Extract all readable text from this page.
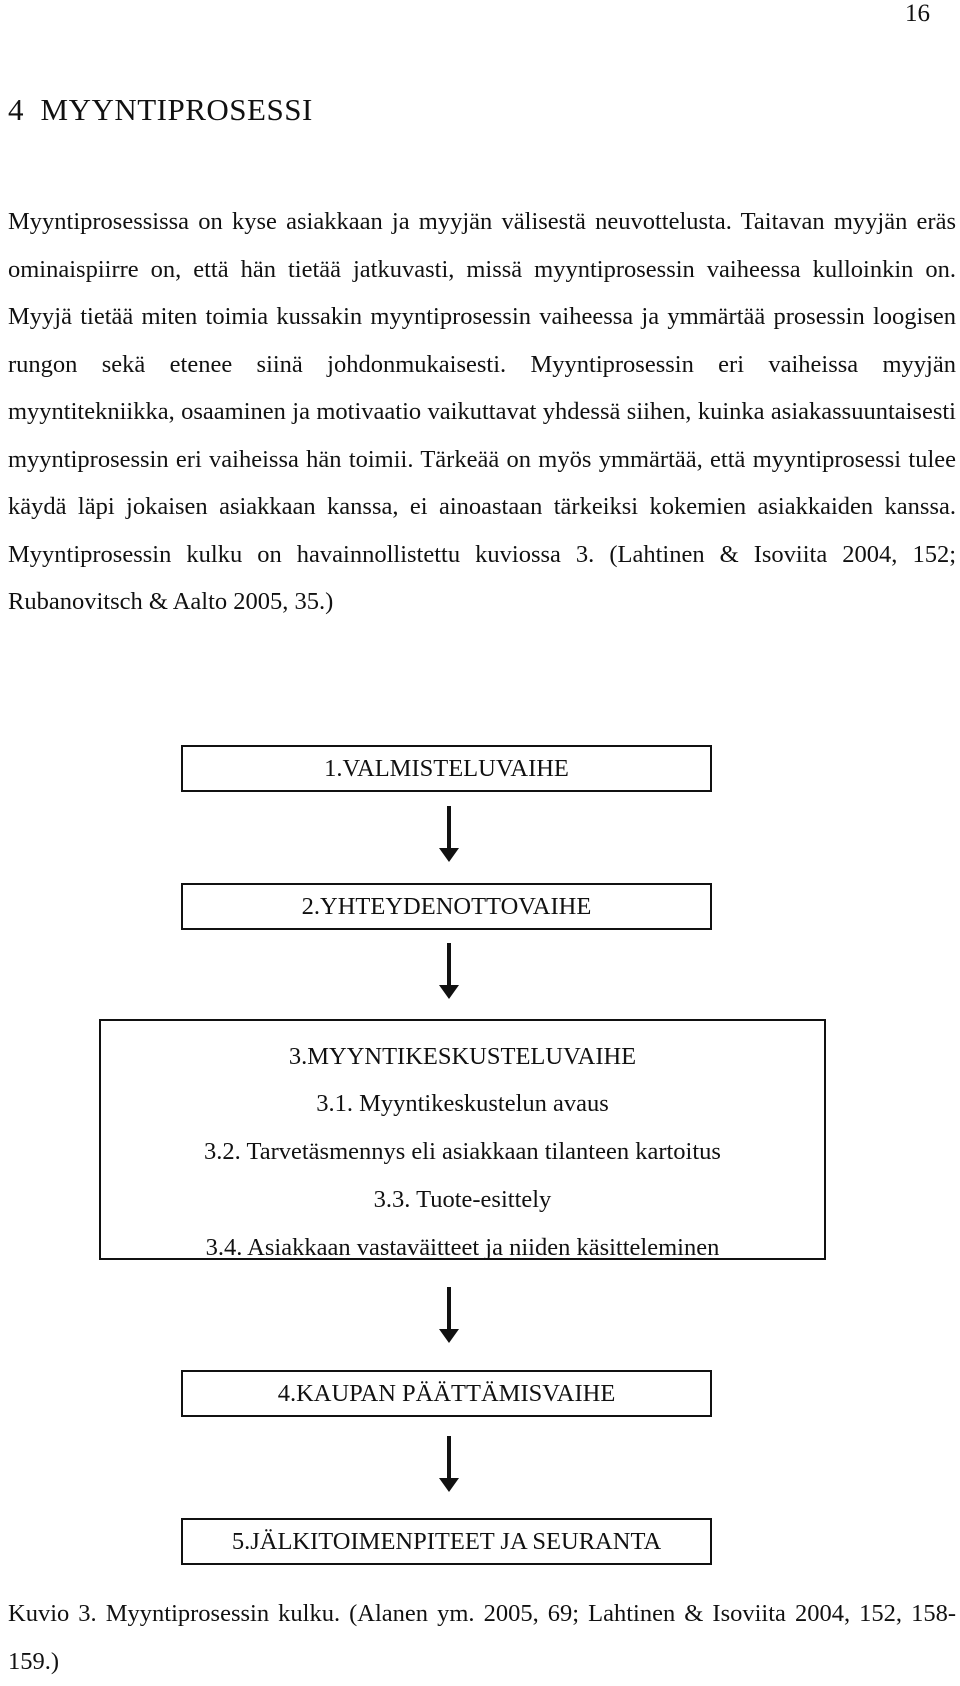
16
4  MYYNTIPROSESSI

Myyntiprosessissa on kyse asiakkaan ja myyjän välisestä neuvottelusta. Taitavan myyjän eräs ominaispiirre on, että hän tietää jatkuvasti, missä myyntiprosessin vaiheessa kulloinkin on. Myyjä tietää miten toimia kussakin myyntiprosessin vaiheessa ja ymmärtää prosessin loogisen rungon sekä etenee siinä johdonmukaisesti. Myyntiprosessin eri vaiheissa myyjän myyntitekniikka, osaaminen ja motivaatio vaikuttavat yhdessä siihen, kuinka asiakassuuntaisesti myyntiprosessin eri vaiheissa hän toimii. Tärkeää on myös ymmärtää, että myyntiprosessi tulee käydä läpi jokaisen asiakkaan kanssa, ei ainoastaan tärkeiksi kokemien asiakkaiden kanssa. Myyntiprosessin kulku on havainnollistettu kuviossa 3. (Lahtinen & Isoviita 2004, 152; Rubanovitsch & Aalto 2005, 35.)

1.VALMISTELUVAIHE
2.YHTEYDENOTTOVAIHE
3.MYYNTIKESKUSTELUVAIHE
3.1. Myyntikeskustelun avaus
3.2. Tarvetäsmennys eli asiakkaan tilanteen kartoitus
3.3. Tuote-esittely
3.4. Asiakkaan vastaväitteet ja niiden käsitteleminen
4.KAUPAN PÄÄTTÄMISVAIHE
5.JÄLKITOIMENPITEET JA SEURANTA

Kuvio 3. Myyntiprosessin kulku. (Alanen ym. 2005, 69; Lahtinen & Isoviita 2004, 152, 158-159.)
